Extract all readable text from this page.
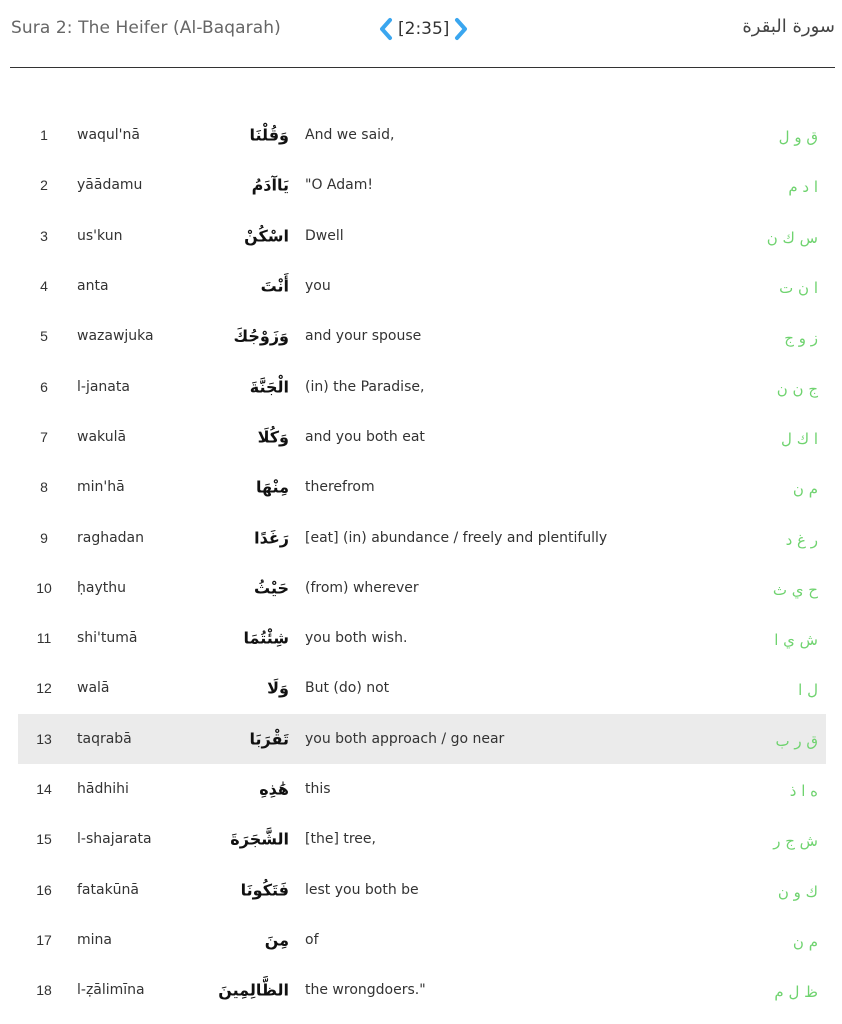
Sura 2: The Heifer (Al-Baqarah)	[2:35]	سورة البقرة
1	waqul'nā	وَقُلْنَا And we said,	ق و ل
2	yāādamu	يَاآدَمُ "O Adam!	ا د م
3	us'kun	اسْكُنْ Dwell	س ك ن
4	anta	أَنْتَ you	ا ن ت
5	wazawjuka	وَزَوْجُكَ and your spouse	ز و ج
6	l-janata	الْجَنَّةَ (in) the Paradise,	ج ن ن
7	wakulā	وَكُلَا and you both eat	ا ك ل
8	min'hā	مِنْهَا therefrom	م ن
9	raghadan	رَغَدًا [eat] (in) abundance / freely and plentifully	ر غ د
10	ḥaythu	حَيْثُ (from) wherever	ح ي ث
11	shi'tumā	شِئْتُمَا you both wish.	ش ي ا
12	walā	وَلَا But (do) not	ل ا
13	taqrabā	تَقْرَبَا you both approach / go near	ق ر ب
14	hādhihi	هَٰذِهِ this	ه ا ذ
15	l-shajarata	الشَّجَرَةَ [the] tree,	ش ج ر
16	fatakūnā	فَتَكُونَا lest you both be	ك و ن
17	mina	مِنَ of	م ن
18	l-ẓālimīna	الظَّالِمِينَ the wrongdoers."	ظ ل م
